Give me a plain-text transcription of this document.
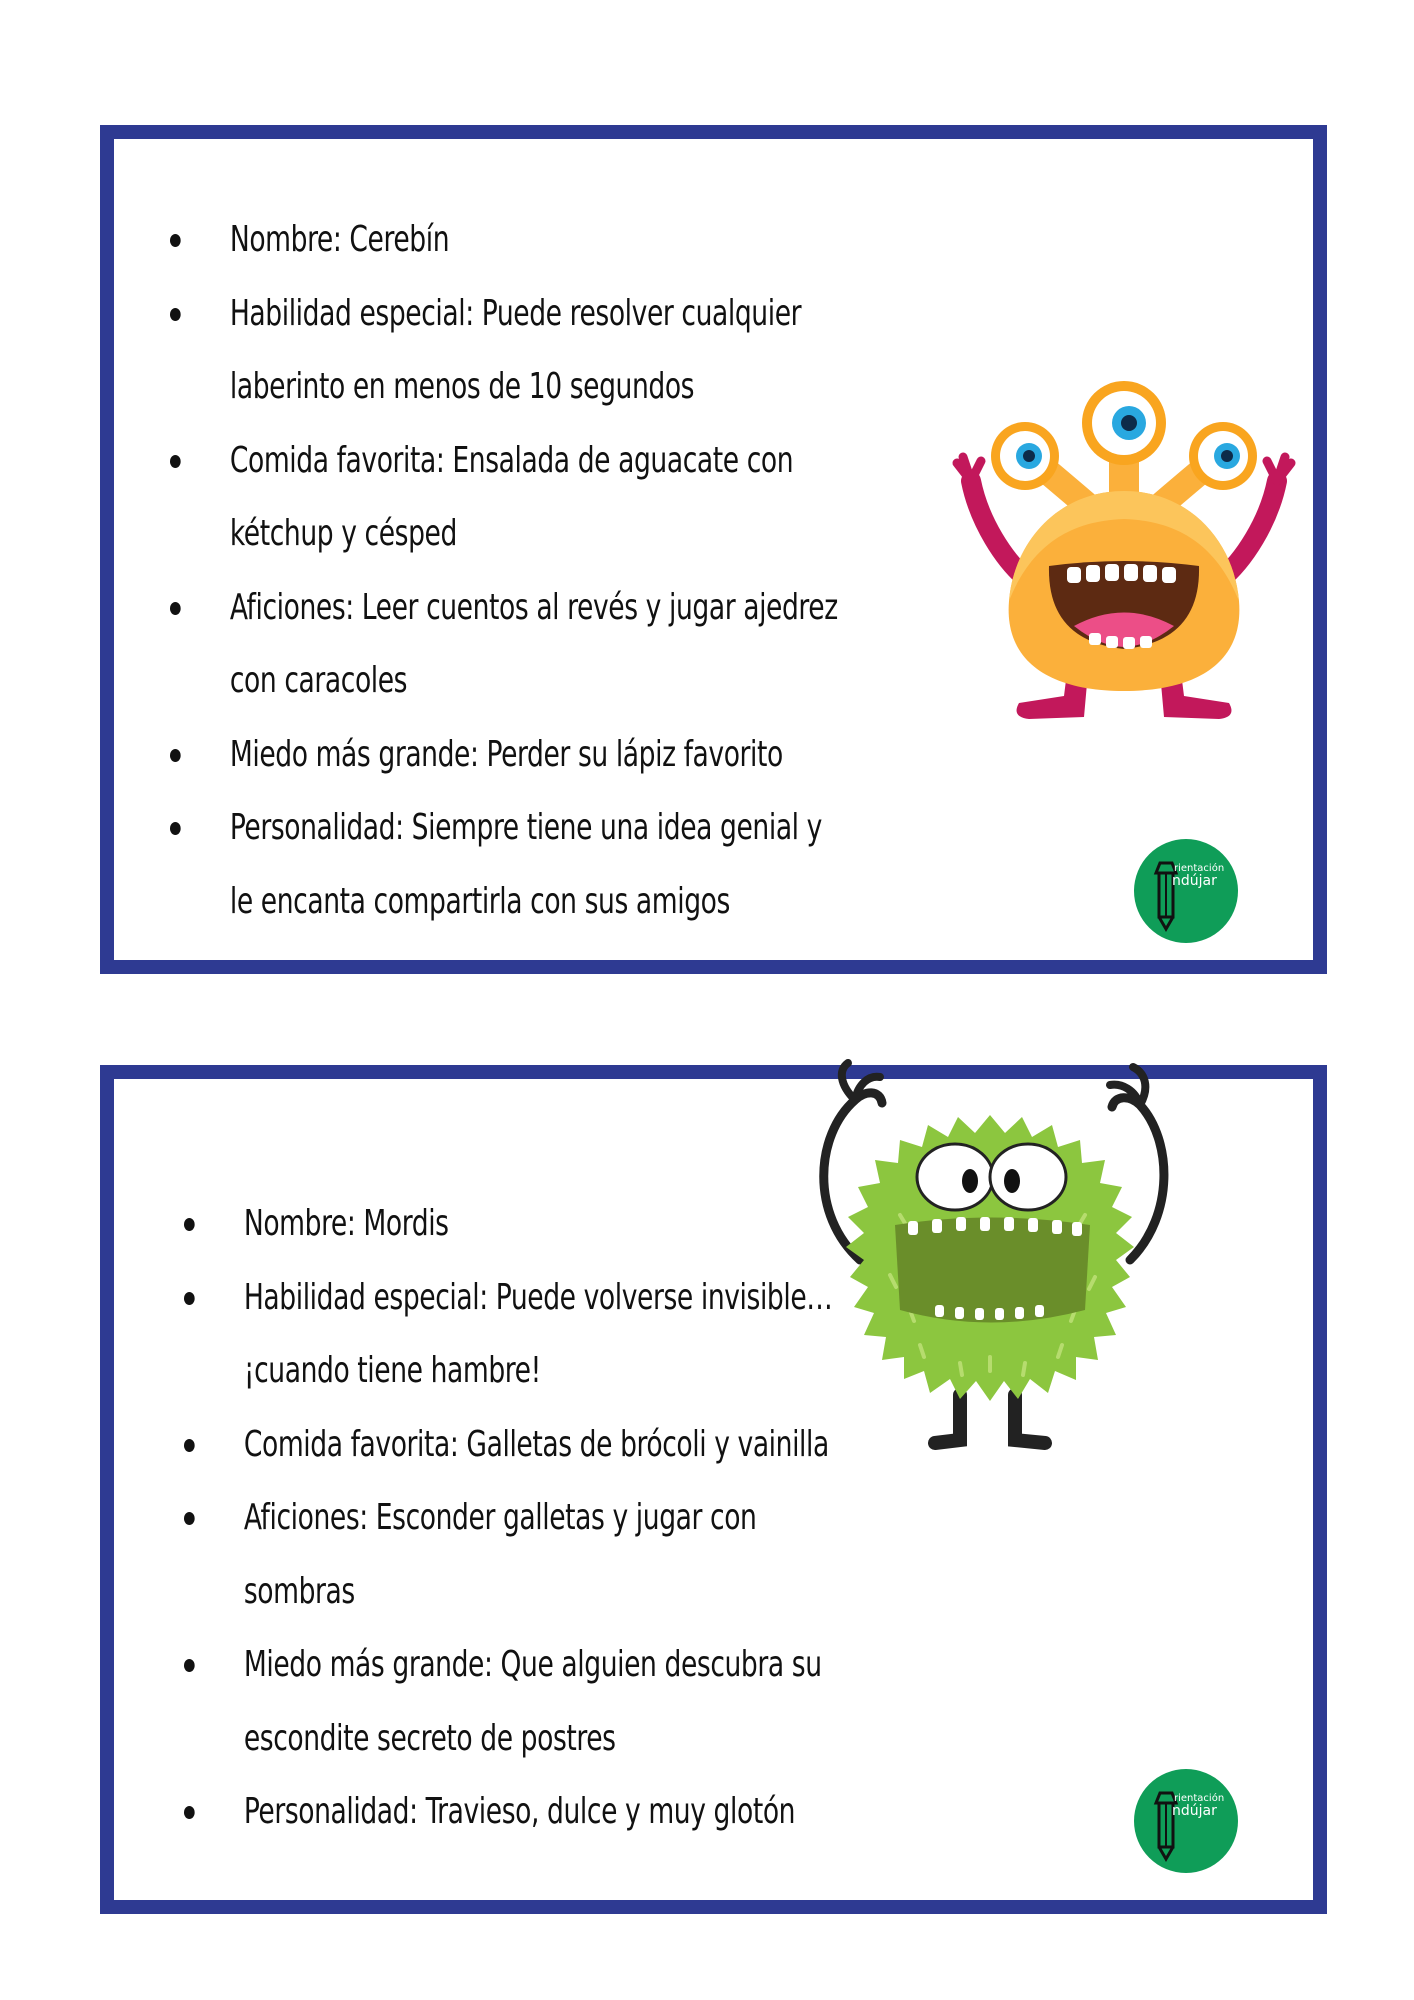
Nombre: Cerebín
Habilidad especial: Puede resolver cualquier laberinto en menos de 10 segundos
Comida favorita: Ensalada de aguacate con kétchup y césped
Aficiones: Leer cuentos al revés y jugar ajedrez con caracoles
Miedo más grande: Perder su lápiz favorito
Personalidad: Siempre tiene una idea genial y le encanta compartirla con sus amigos
rientación
ndújar
Nombre: Mordis
Habilidad especial: Puede volverse invisible… ¡cuando tiene hambre!
Comida favorita: Galletas de brócoli y vainilla
Aficiones: Esconder galletas y jugar con sombras
Miedo más grande: Que alguien descubra su escondite secreto de postres
Personalidad: Travieso, dulce y muy glotón	rientación
ndújar
